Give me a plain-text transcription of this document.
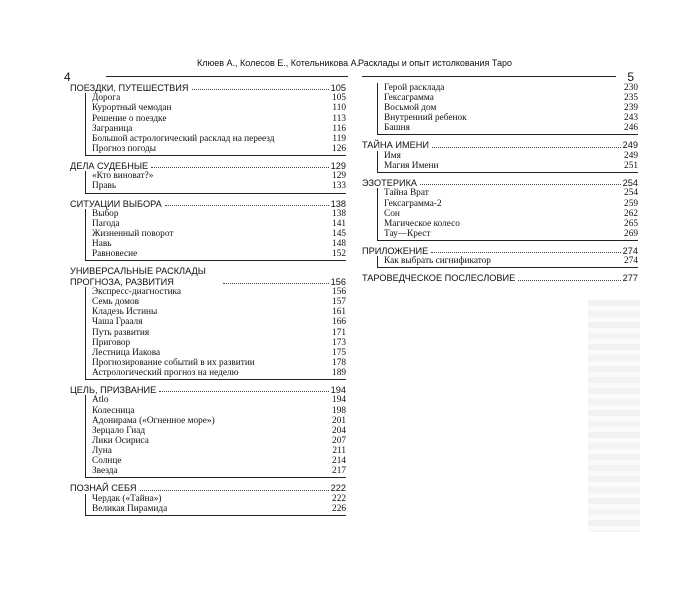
Клюев А., Колесов Е., Котельникова А.
4
ПОЕЗДКИ, ПУТЕШЕСТВИЯ	105
Дорога	105
Курортный чемодан	110
Решение о поездке	113
Заграница	116
Большой астрологический расклад на переезд	119
Прогноз погоды	126
ДЕЛА СУДЕБНЫЕ	129
«Кто виноват?»	129
Правь	133
СИТУАЦИИ ВЫБОРА	138
Выбор	138
Пагода	141
Жизненный поворот	145
Навь	148
Равновесие	152
УНИВЕРСАЛЬНЫЕ РАСКЛАДЫ ПРОГНОЗА, РАЗВИТИЯ	156
Экспресс-диагностика	156
Семь домов	157
Кладезь Истины	161
Чаша Грааля	166
Путь развития	171
Приговор	173
Лестница Иакова	175
Прогнозирование событий в их развитии	178
Астрологический прогноз на неделю	189
ЦЕЛЬ, ПРИЗВАНИЕ	194
Atlo	194
Колесница	198
Адонирама («Огненное море»)	201
Зерцало Гиад	204
Лики Осириса	207
Луна	211
Солнце	214
Звезда	217
ПОЗНАЙ СЕБЯ	222
Чердак («Тайна»)	222
Великая Пирамида	226
Расклады и опыт истолкования Таро
5
Герой расклада	230
Гексаграмма	235
Восьмой дом	239
Внутренний ребенок	243
Башня	246
ТАЙНА ИМЕНИ	249
Имя	249
Магия Имени	251
ЭЗОТЕРИКА	254
Тайна Врат	254
Гексаграмма-2	259
Сон	262
Магическое колесо	265
Тау—Крест	269
ПРИЛОЖЕНИЕ	274
Как выбрать сигнификатор	274
ТАРОВЕДЧЕСКОЕ ПОСЛЕСЛОВИЕ	277
